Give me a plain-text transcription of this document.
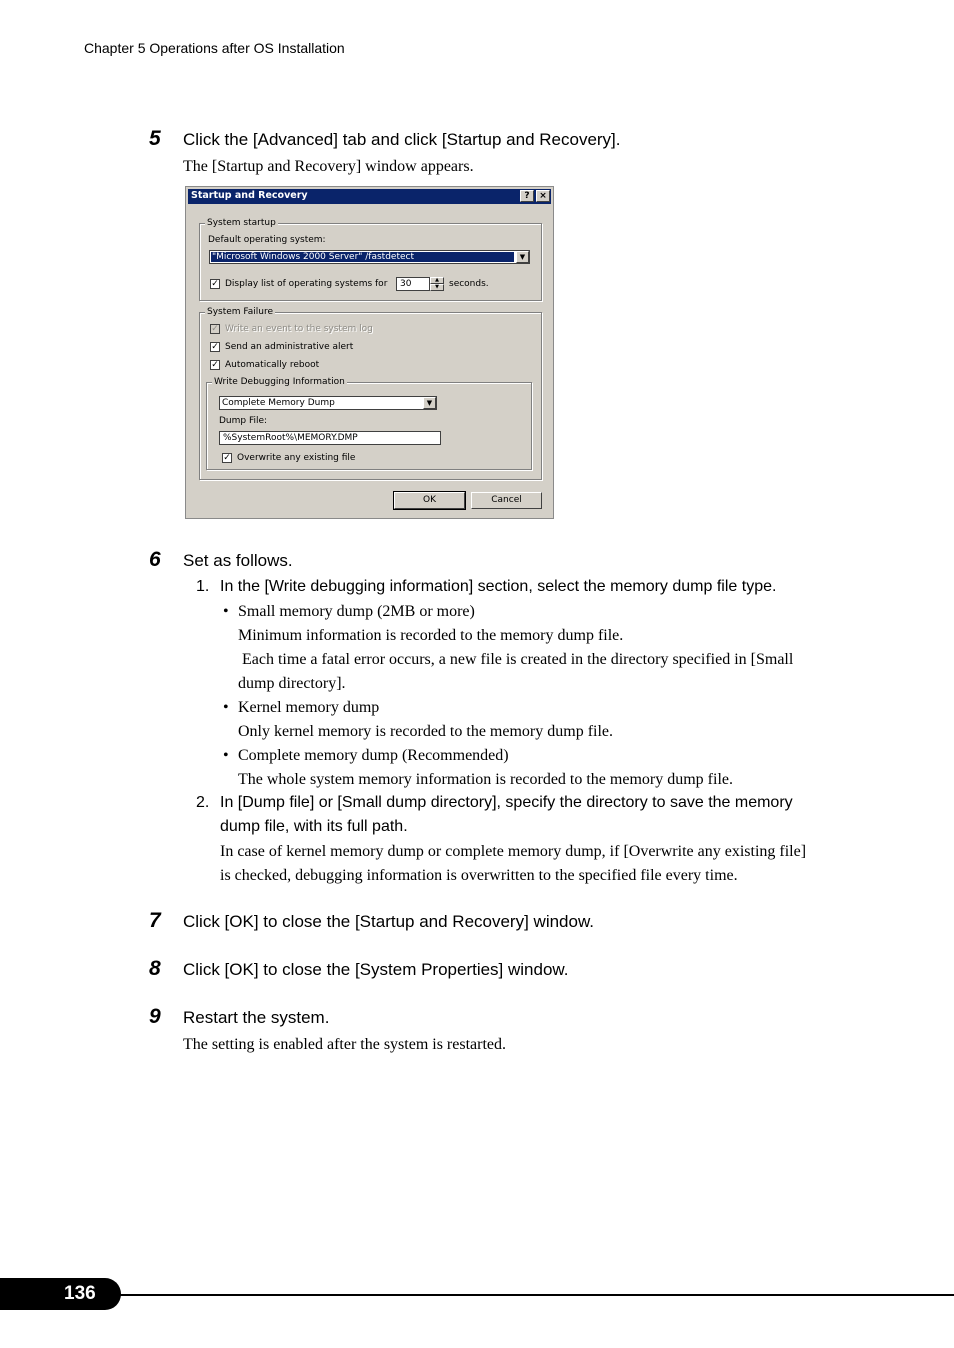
Chapter 5 Operations after OS Installation
5 Click the [Advanced] tab and click [Startup and Recovery].
The [Startup and Recovery] window appears.
Startup and Recovery	?	×
System startup
Default operating system:
"Microsoft Windows 2000 Server" /fastdetect	▼
✓ Display list of operating systems for	30	▲
▼	seconds.
System Failure
✓ Write an event to the system log
✓ Send an administrative alert
✓ Automatically reboot
Write Debugging Information
Complete Memory Dump	▼
Dump File:
%SystemRoot%\MEMORY.DMP
✓ Overwrite any existing file
OK	Cancel
6 Set as follows.
1. In the [Write debugging information] section, select the memory dump file type.
• Small memory dump (2MB or more)
Minimum information is recorded to the memory dump file.
Each time a fatal error occurs, a new file is created in the directory specified in [Small
dump directory].
• Kernel memory dump
Only kernel memory is recorded to the memory dump file.
• Complete memory dump (Recommended)
The whole system memory information is recorded to the memory dump file.
2. In [Dump file] or [Small dump directory], specify the directory to save the memory
dump file, with its full path.
In case of kernel memory dump or complete memory dump, if [Overwrite any existing file]
is checked, debugging information is overwritten to the specified file every time.
7 Click [OK] to close the [Startup and Recovery] window.
8 Click [OK] to close the [System Properties] window.
9 Restart the system.
The setting is enabled after the system is restarted.
136
